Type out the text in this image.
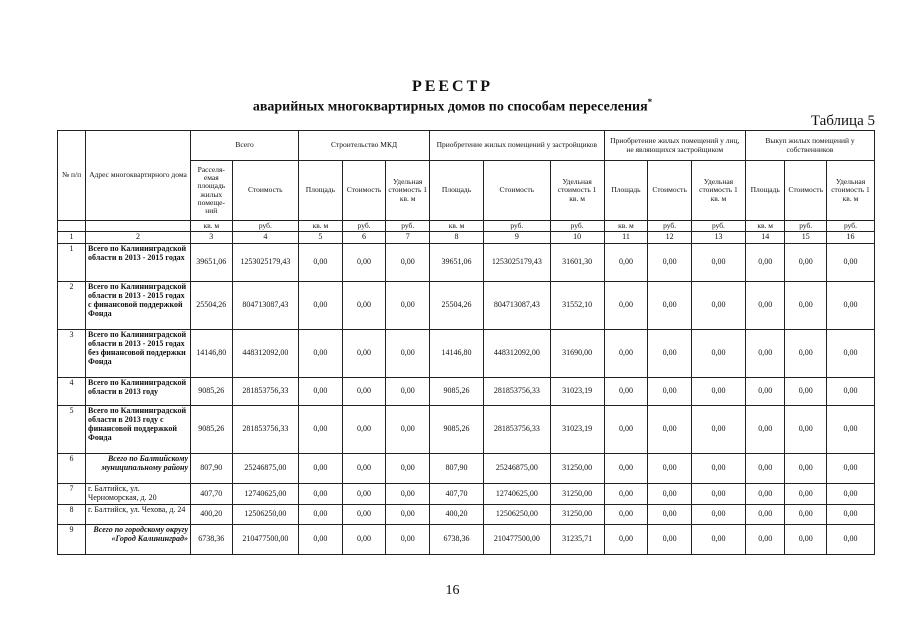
РЕЕСТР
аварийных многоквартирных домов по способам переселения*
Таблица 5
№ п/п	Адрес многоквартирного дома	Всего		Строительство МКД			Приобретение жилых помещений у застройщиков			Приобретение жилых помещений у лиц, не являющихся застройщиком			Выкуп жилых помещений у собственников		
		Расселя- емая площадь жилых помеще- ний	Стоимость	Площадь	Стоимость	Удельная стоимость 1 кв. м	Площадь	Стоимость	Удельная стоимость 1 кв. м	Площадь	Стоимость	Удельная стоимость 1 кв. м	Площадь	Стоимость	Удельная стоимость 1 кв. м
		кв. м	руб.	кв. м	руб.	руб.	кв. м	руб.	руб.	кв. м	руб.	руб.	кв. м	руб.	руб.
1	2	3	4	5	6	7	8	9	10	11	12	13	14	15	16
1	Всего по Калининградской области в 2013 - 2015 годах	39651,06	1253025179,43	0,00	0,00	0,00	39651,06	1253025179,43	31601,30	0,00	0,00	0,00	0,00	0,00	0,00
2	Всего по Калининградской области в 2013 - 2015 годах с финансовой поддержкой Фонда	25504,26	804713087,43	0,00	0,00	0,00	25504,26	804713087,43	31552,10	0,00	0,00	0,00	0,00	0,00	0,00
3	Всего по Калининградской области в 2013 - 2015 годах без финансовой поддержки Фонда	14146,80	448312092,00	0,00	0,00	0,00	14146,80	448312092,00	31690,00	0,00	0,00	0,00	0,00	0,00	0,00
4	Всего по Калининградской области в 2013 году	9085,26	281853756,33	0,00	0,00	0,00	9085,26	281853756,33	31023,19	0,00	0,00	0,00	0,00	0,00	0,00
5	Всего по Калининградской области в 2013 году с финансовой поддержкой Фонда	9085,26	281853756,33	0,00	0,00	0,00	9085,26	281853756,33	31023,19	0,00	0,00	0,00	0,00	0,00	0,00
6	Всего по Балтийскому муниципальному району	807,90	25246875,00	0,00	0,00	0,00	807,90	25246875,00	31250,00	0,00	0,00	0,00	0,00	0,00	0,00
7	г. Балтийск, ул. Черноморская, д. 20	407,70	12740625,00	0,00	0,00	0,00	407,70	12740625,00	31250,00	0,00	0,00	0,00	0,00	0,00	0,00
8	г. Балтийск, ул. Чехова, д. 24	400,20	12506250,00	0,00	0,00	0,00	400,20	12506250,00	31250,00	0,00	0,00	0,00	0,00	0,00	0,00
9	Всего по городскому округу «Город Калининград»	6738,36	210477500,00	0,00	0,00	0,00	6738,36	210477500,00	31235,71	0,00	0,00	0,00	0,00	0,00	0,00
16
